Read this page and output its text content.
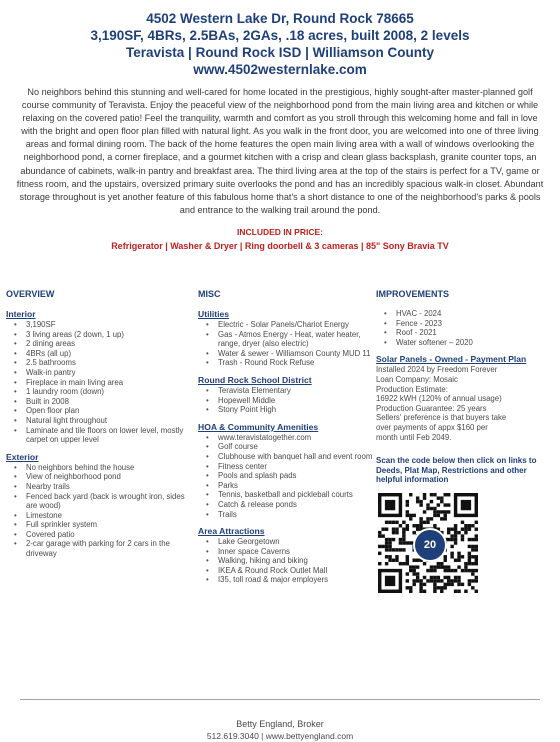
4502 Western Lake Dr, Round Rock 78665
3,190SF, 4BRs, 2.5BAs, 2GAs, .18 acres, built 2008, 2 levels
Teravista | Round Rock ISD | Williamson County
www.4502westernlake.com
No neighbors behind this stunning and well-cared for home located in the prestigious, highly sought-after master-planned golf course community of Teravista. Enjoy the peaceful view of the neighborhood pond from the main living area and kitchen or while relaxing on the covered patio! Feel the tranquility, warmth and comfort as you stroll through this welcoming home and fall in love with the bright and open floor plan filled with natural light. As you walk in the front door, you are welcomed into one of three living areas and formal dining room. The back of the home features the open main living area with a wall of windows overlooking the neighborhood pond, a corner fireplace, and a gourmet kitchen with a crisp and clean glass backsplash, granite counter tops, an abundance of cabinets, walk-in pantry and breakfast area. The third living area at the top of the stairs is perfect for a TV, game or fitness room, and the upstairs, oversized primary suite overlooks the pond and has an incredibly spacious walk-in closet. Abundant storage throughout is yet another feature of this fabulous home that's a short distance to one of the neighborhood's parks & pools and entrance to the walking trail around the pond.
INCLUDED IN PRICE:
Refrigerator | Washer & Dryer | Ring doorbell & 3 cameras | 85" Sony Bravia TV
OVERVIEW
Interior
• 3,190SF
• 3 living areas (2 down, 1 up)
• 2 dining areas
• 4BRs (all up)
• 2.5 bathrooms
• Walk-in pantry
• Fireplace in main living area
• 1 laundry room (down)
• Built in 2008
• Open floor plan
• Natural light throughout
• Laminate and tile floors on lower level, mostly carpet on upper level
Exterior
• No neighbors behind the house
• View of neighborhood pond
• Nearby trails
• Fenced back yard (back is wrought iron, sides are wood)
• Limestone
• Full sprinkler system
• Covered patio
• 2-car garage with parking for 2 cars in the driveway
MISC
Utilities
• Electric - Solar Panels/Chariot Energy
• Gas - Atmos Energy - Heat, water heater, range, dryer (also electric)
• Water & sewer - Williamson County MUD 11
• Trash - Round Rock Refuse
Round Rock School District
• Teravista Elementary
• Hopewell Middle
• Stony Point High
HOA & Community Amenities
• www.teravistatogether.com
• Golf course
• Clubhouse with banquet hall and event room
• Fitness center
• Pools and splash pads
• Parks
• Tennis, basketball and pickleball courts
• Catch & release ponds
• Trails
Area Attractions
• Lake Georgetown
• Inner space Caverns
• Walking, hiking and biking
• IKEA & Round Rock Outlet Mall
• I35, toll road & major employers
IMPROVEMENTS
• HVAC - 2024
• Fence - 2023
• Roof - 2021
• Water softener – 2020
Solar Panels - Owned - Payment Plan
Installed 2024 by Freedom Forever
Loan Company: Mosaic
Production Estimate:
16922 kWH (120% of annual usage)
Production Guarantee: 25 years
Sellers' preference is that buyers take
over payments of appx $160 per
month until Feb 2049.
Scan the code below then click on links to Deeds, Plat Map, Restrictions and other helpful information
20
Betty England, Broker
512.619.3040 | www.bettyengland.com
